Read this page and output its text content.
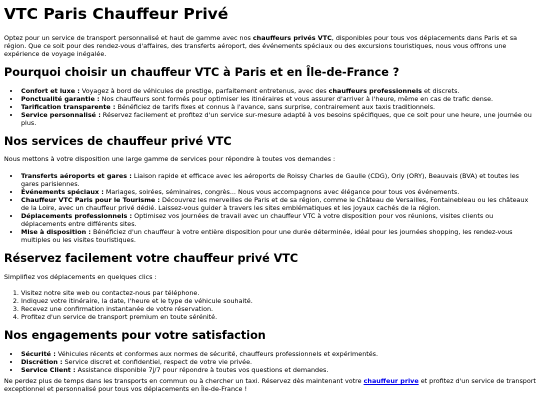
VTC Paris Chauffeur Privé

Optez pour un service de transport personnalisé et haut de gamme avec nos chauffeurs privés VTC, disponibles pour tous vos déplacements dans Paris et sa région. Que ce soit pour des rendez-vous d'affaires, des transferts aéroport, des événements spéciaux ou des excursions touristiques, nous vous offrons une expérience de voyage inégalée.

Pourquoi choisir un chauffeur VTC à Paris et en Île-de-France ?
• Confort et luxe : Voyagez à bord de véhicules de prestige, parfaitement entretenus, avec des chauffeurs professionnels et discrets.
• Ponctualité garantie : Nos chauffeurs sont formés pour optimiser les itinéraires et vous assurer d'arriver à l'heure, même en cas de trafic dense.
• Tarification transparente : Bénéficiez de tarifs fixes et connus à l'avance, sans surprise, contrairement aux taxis traditionnels.
• Service personnalisé : Réservez facilement et profitez d'un service sur-mesure adapté à vos besoins spécifiques, que ce soit pour une heure, une journée ou plus.
Nos services de chauffeur privé VTC

Nous mettons à votre disposition une large gamme de services pour répondre à toutes vos demandes :

• Transferts aéroports et gares : Liaison rapide et efficace avec les aéroports de Roissy Charles de Gaulle (CDG), Orly (ORY), Beauvais (BVA) et toutes les gares parisiennes.
• Événements spéciaux : Mariages, soirées, séminaires, congrès... Nous vous accompagnons avec élégance pour tous vos événements.
• Chauffeur VTC Paris pour le Tourisme : Découvrez les merveilles de Paris et de sa région, comme le Château de Versailles, Fontainebleau ou les châteaux de la Loire, avec un chauffeur privé dédié. Laissez-vous guider à travers les sites emblématiques et les joyaux cachés de la région.
• Déplacements professionnels : Optimisez vos journées de travail avec un chauffeur VTC à votre disposition pour vos réunions, visites clients ou déplacements entre différents sites.
• Mise à disposition : Bénéficiez d'un chauffeur à votre entière disposition pour une durée déterminée, idéal pour les journées shopping, les rendez-vous multiples ou les visites touristiques.
Réservez facilement votre chauffeur privé VTC

Simplifiez vos déplacements en quelques clics :

1. Visitez notre site web ou contactez-nous par téléphone.
2. Indiquez votre itinéraire, la date, l'heure et le type de véhicule souhaité.
3. Recevez une confirmation instantanée de votre réservation.
4. Profitez d'un service de transport premium en toute sérénité.
Nos engagements pour votre satisfaction
• Sécurité : Véhicules récents et conformes aux normes de sécurité, chauffeurs professionnels et expérimentés.
• Discrétion : Service discret et confidentiel, respect de votre vie privée.
• Service Client : Assistance disponible 7j/7 pour répondre à toutes vos questions et demandes.

Ne perdez plus de temps dans les transports en commun ou à chercher un taxi. Réservez dès maintenant votre chauffeur prive et profitez d'un service de transport exceptionnel et personnalisé pour tous vos déplacements en Île-de-France !
